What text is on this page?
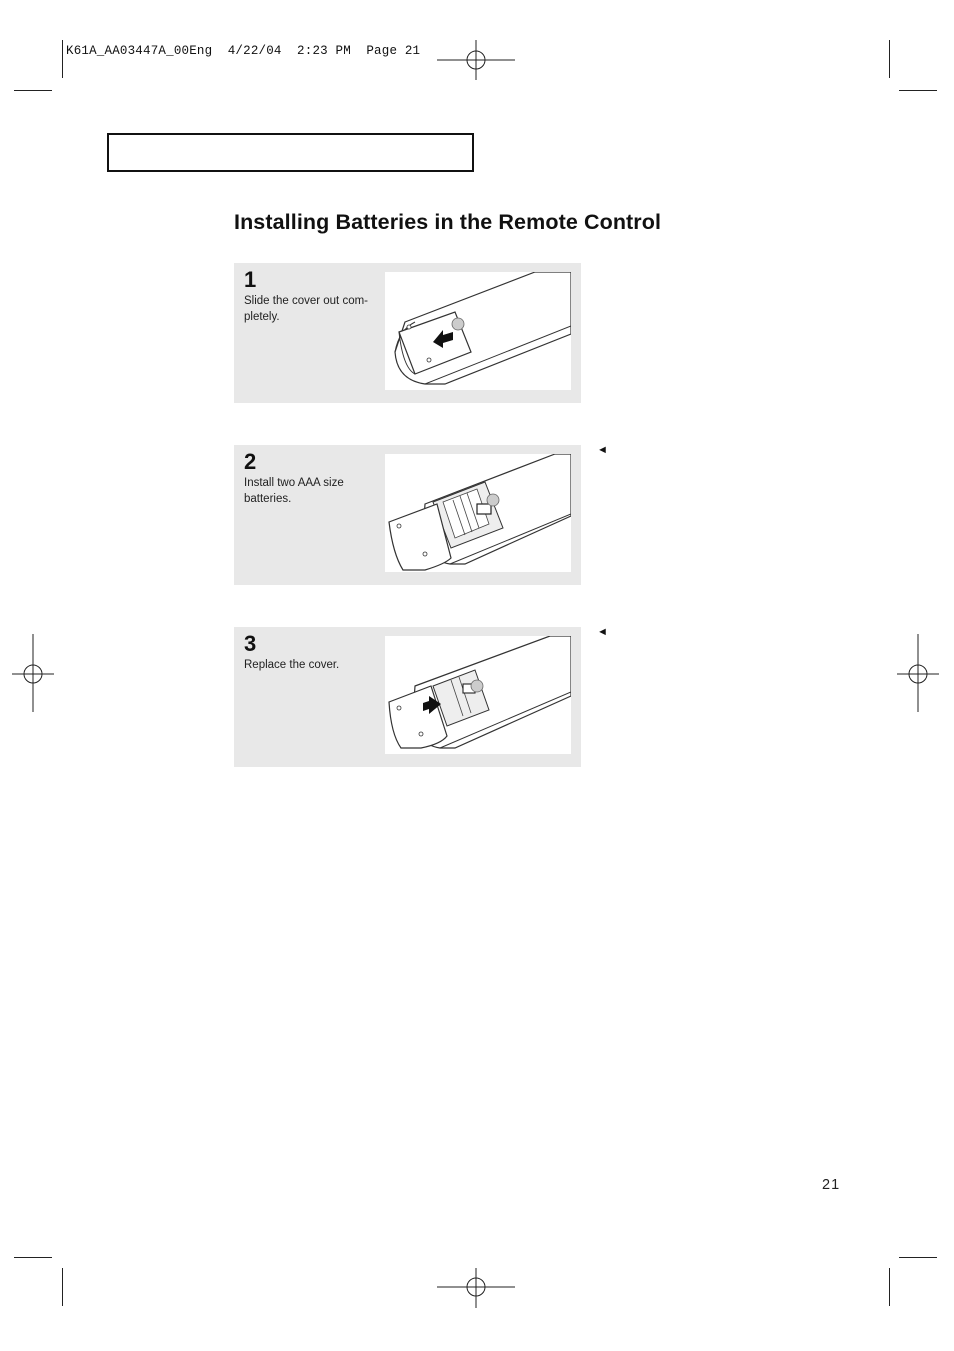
K61A_AA03447A_00Eng  4/22/04  2:23 PM  Page 21
Installing Batteries in the Remote Control
1
Slide the cover out com-pletely.
2
Install two AAA size batteries.
◄
3
Replace the cover.
◄
21
